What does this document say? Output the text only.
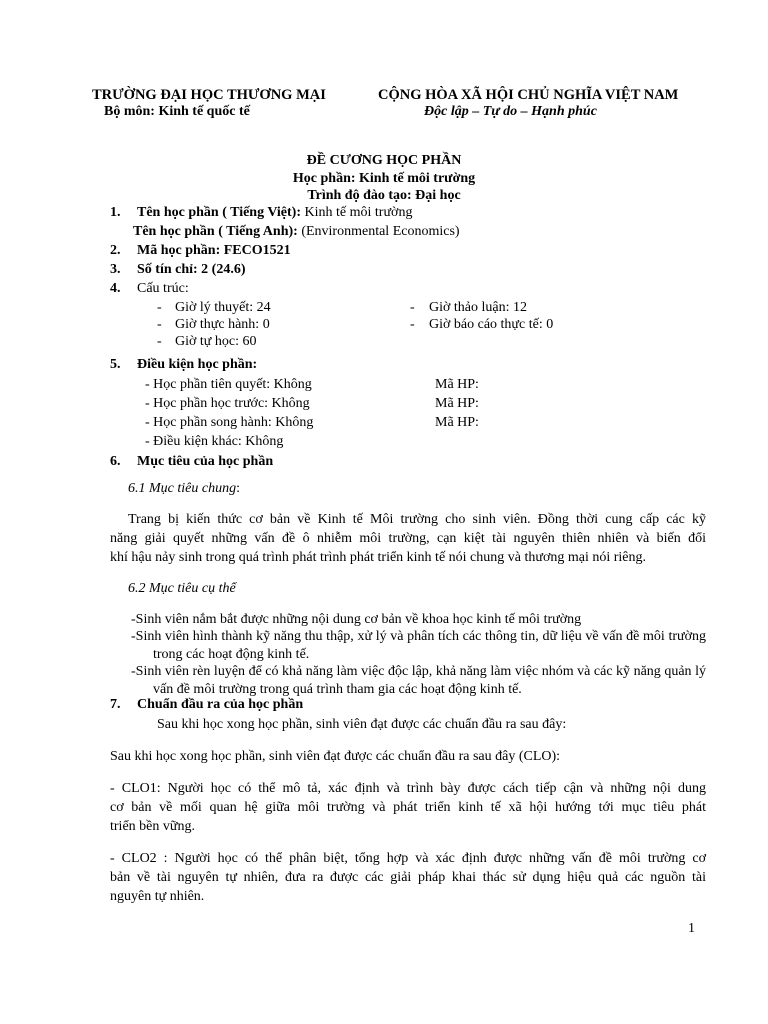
TRƯỜNG ĐẠI HỌC THƯƠNG MẠI
Bộ môn: Kinh tế quốc tế
CỘNG HÒA XÃ HỘI CHỦ NGHĨA VIỆT NAM
Độc lập – Tự do – Hạnh phúc
ĐỀ CƯƠNG HỌC PHẦN
Học phần: Kinh tế môi trường
Trình độ đào tạo: Đại học
1. Tên học phần ( Tiếng Việt): Kinh tế môi trường
Tên học phần ( Tiếng Anh): (Environmental Economics)
2. Mã học phần: FECO1521
3. Số tín chỉ: 2 (24.6)
4. Cấu trúc:
- Giờ lý thuyết: 24
- Giờ thực hành: 0
- Giờ tự học: 60
- Giờ thảo luận: 12
- Giờ báo cáo thực tế: 0
5. Điều kiện học phần:
- Học phần tiên quyết: Không
- Học phần học trước: Không
- Học phần song hành: Không
- Điều kiện khác: Không
Mã HP:
Mã HP:
Mã HP:
6. Mục tiêu của học phần
6.1 Mục tiêu chung:
Trang bị kiến thức cơ bản về Kinh tế Môi trường cho sinh viên. Đồng thời cung cấp các kỹ
năng giải quyết những vấn đề ô nhiễm môi trường, cạn kiệt tài nguyên thiên nhiên và biến đổi
khí hậu nảy sinh trong quá trình phát trình phát triển kinh tế nói chung và thương mại nói riêng.
6.2 Mục tiêu cụ thể
-Sinh viên nắm bắt được những nội dung cơ bản về khoa học kinh tế môi trường
-Sinh viên hình thành kỹ năng thu thập, xử lý và phân tích các thông tin, dữ liệu về vấn đề môi trường trong các hoạt động kinh tế.
-Sinh viên rèn luyện để có khả năng làm việc độc lập, khả năng làm việc nhóm và các kỹ năng quản lý vấn đề môi trường trong quá trình tham gia các hoạt động kinh tế.
7. Chuẩn đầu ra của học phần
Sau khi học xong học phần, sinh viên đạt được các chuẩn đầu ra sau đây:
Sau khi học xong học phần, sinh viên đạt được các chuẩn đầu ra sau đây (CLO):
- CLO1: Người học có thể mô tả, xác định và trình bày được cách tiếp cận và những nội dung
cơ bản về mối quan hệ giữa môi trường và phát triển kinh tế xã hội hướng tới mục tiêu phát
triển bền vững.
- CLO2 : Người học có thể phân biệt, tổng hợp và xác định được những vấn đề môi trường cơ
bản về tài nguyên tự nhiên, đưa ra được các giải pháp khai thác sử dụng hiệu quả các nguồn tài
nguyên tự nhiên.
1
